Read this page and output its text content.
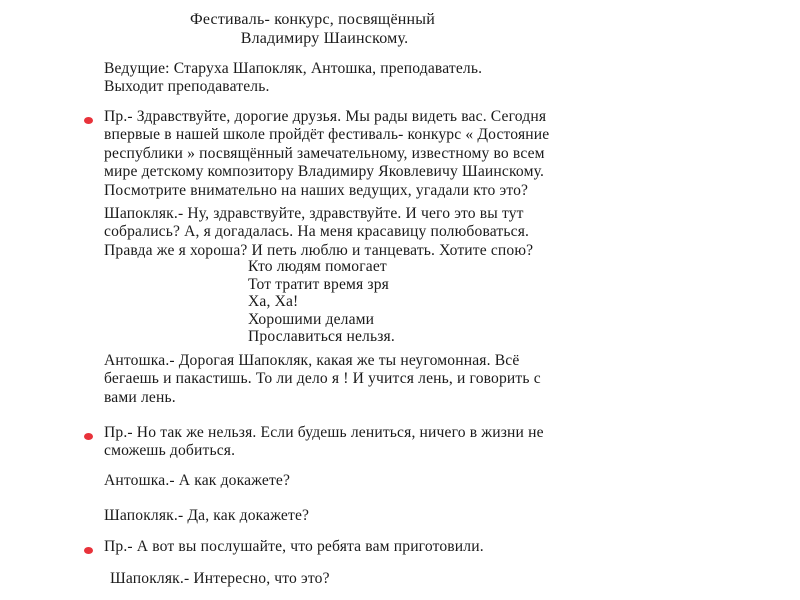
Фестиваль- конкурс, посвящённый
Владимиру Шаинскому.
Ведущие: Старуха Шапокляк, Антошка, преподаватель.
Выходит преподаватель.
Пр.- Здравствуйте, дорогие друзья. Мы рады видеть вас. Сегодня
впервые в нашей школе пройдёт фестиваль- конкурс « Достояние
республики » посвящённый замечательному, известному во всем
мире детскому композитору Владимиру Яковлевичу Шаинскому.
Посмотрите внимательно на наших ведущих, угадали кто это?
Шапокляк.- Ну, здравствуйте, здравствуйте. И чего это вы тут
собрались? А, я догадалась. На меня красавицу полюбоваться.
Правда же я хороша? И петь люблю и танцевать. Хотите спою?
Кто людям помогает
Тот тратит время зря
Ха, Ха!
Хорошими делами
Прославиться нельзя.
Антошка.- Дорогая Шапокляк, какая же ты неугомонная. Всё
бегаешь и пакастишь. То ли дело я ! И учится лень, и говорить с
вами лень.
Пр.- Но так же нельзя. Если будешь лениться, ничего в жизни не
сможешь добиться.
Антошка.- А как докажете?
Шапокляк.- Да, как докажете?
Пр.- А вот вы послушайте, что ребята вам приготовили.
Шапокляк.- Интересно, что это?
